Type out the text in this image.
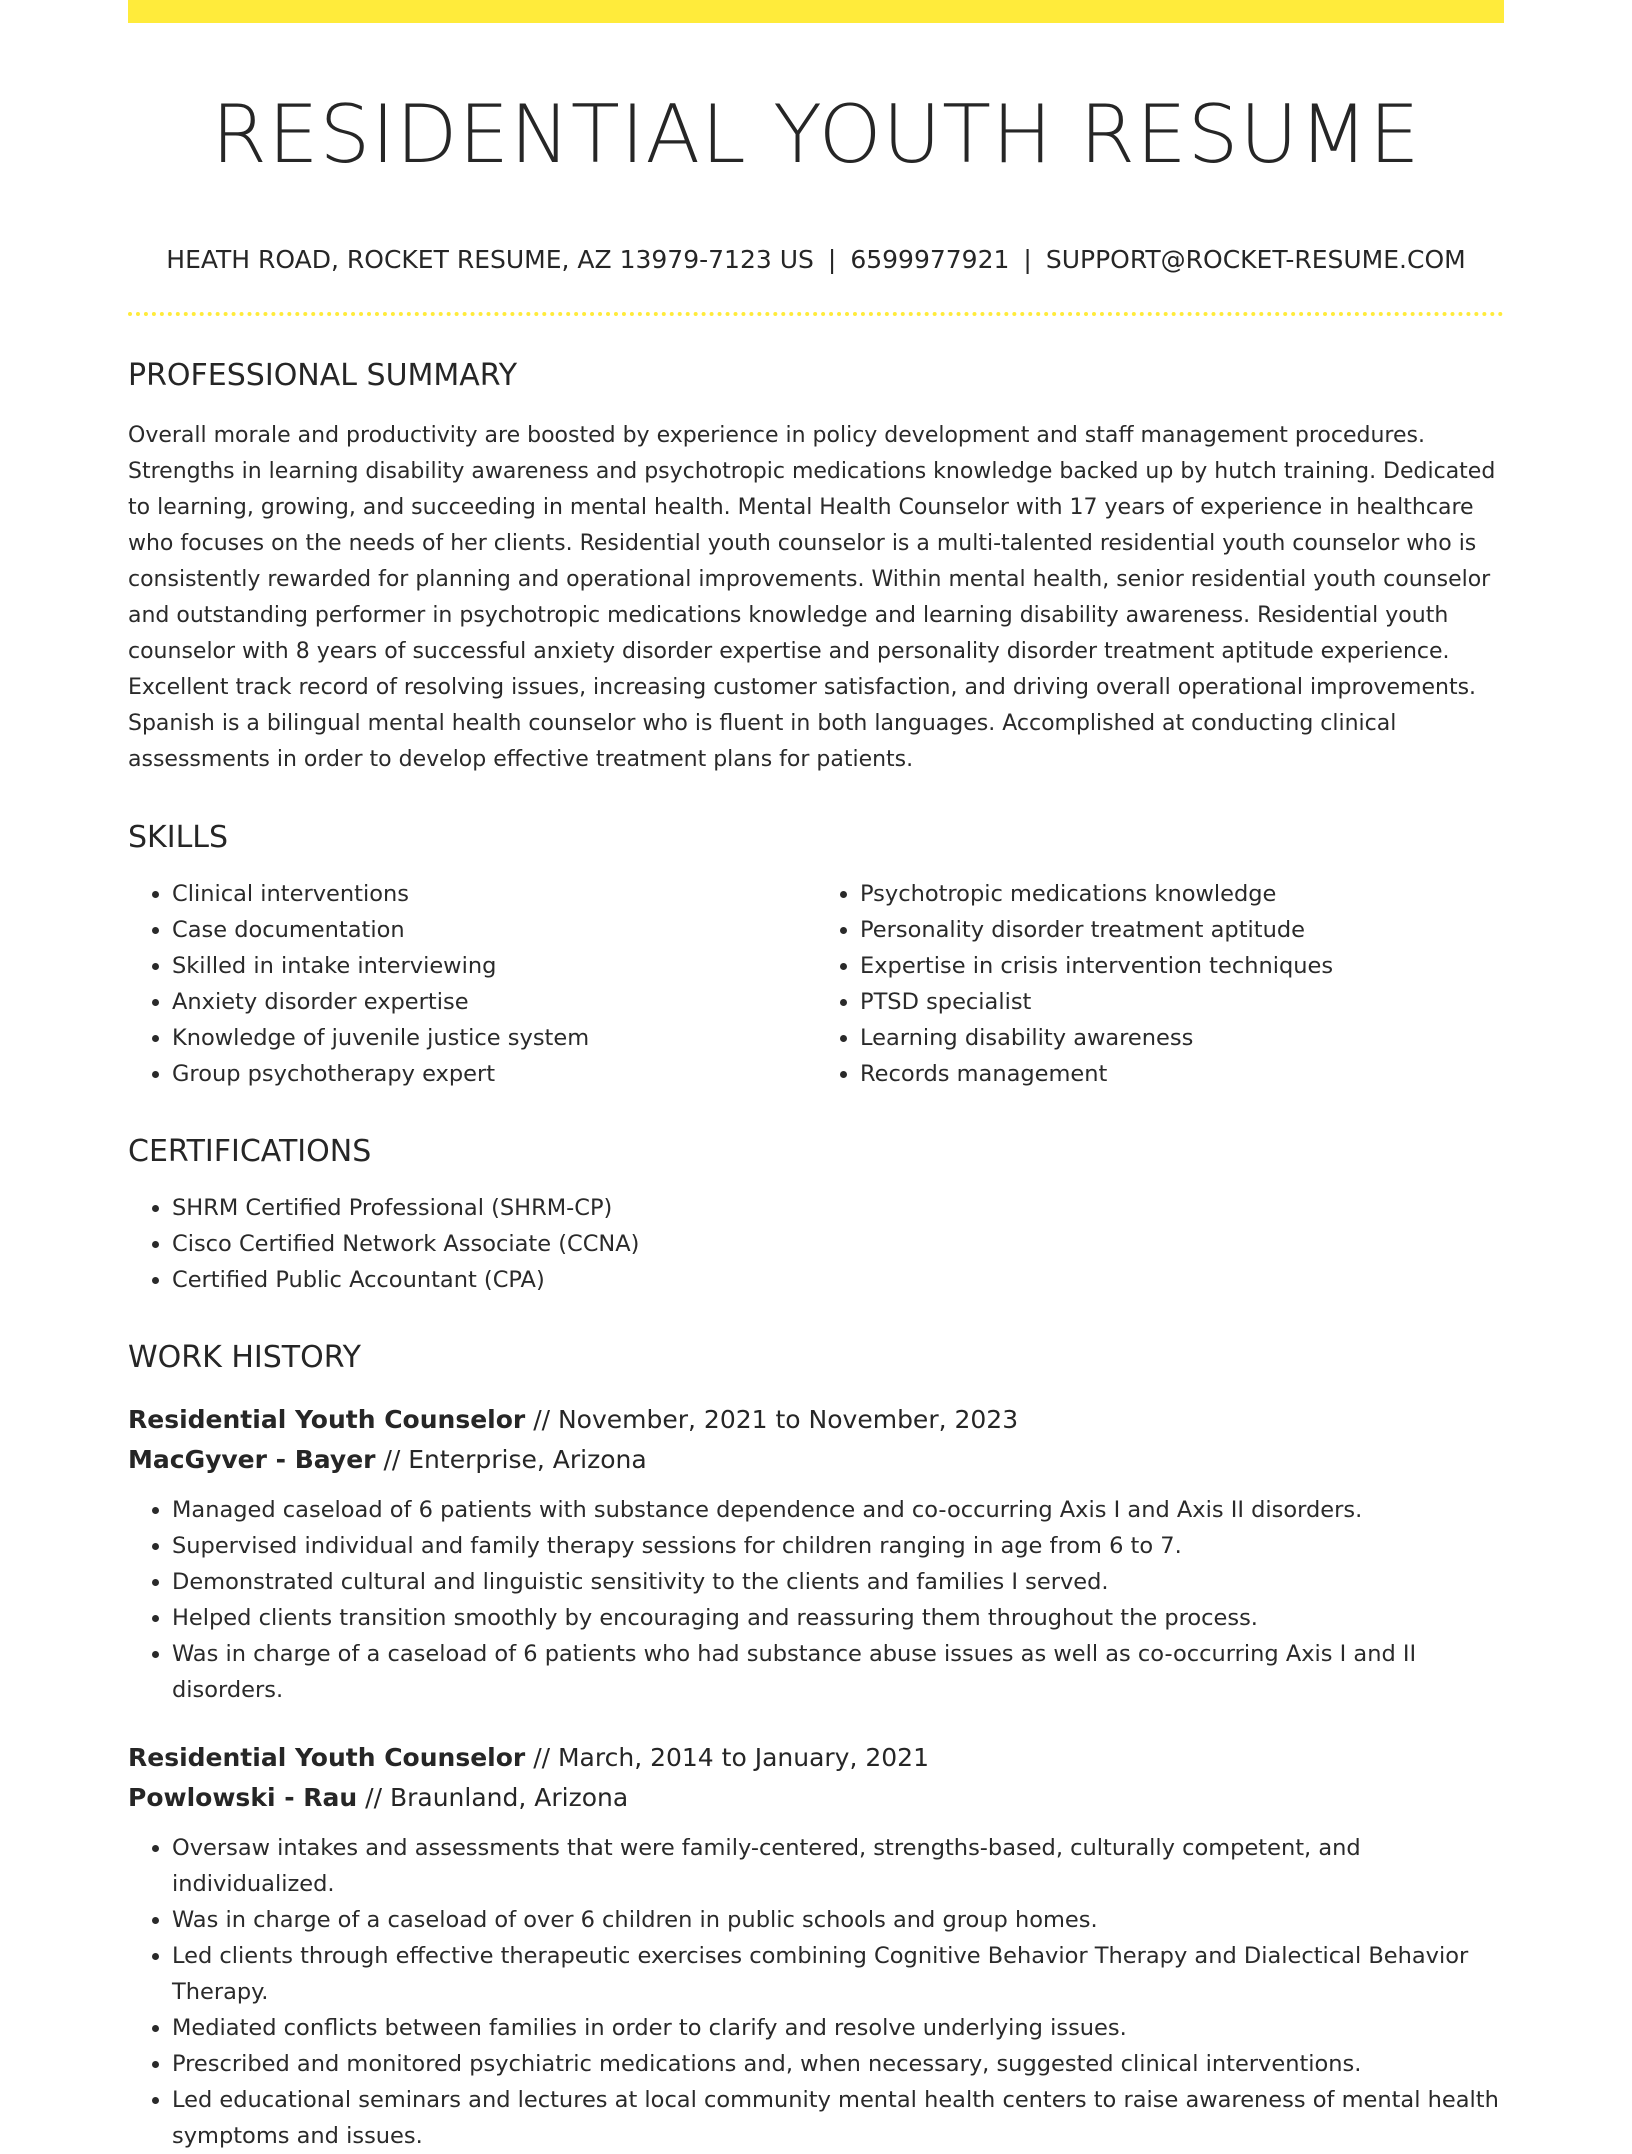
RESIDENTIAL YOUTH RESUME
HEATH ROAD, ROCKET RESUME, AZ 13979-7123 US | 6599977921 | SUPPORT@ROCKET-RESUME.COM
PROFESSIONAL SUMMARY
Overall morale and productivity are boosted by experience in policy development and staff management procedures. Strengths in learning disability awareness and psychotropic medications knowledge backed up by hutch training. Dedicated to learning, growing, and succeeding in mental health. Mental Health Counselor with 17 years of experience in healthcare who focuses on the needs of her clients. Residential youth counselor is a multi-talented residential youth counselor who is consistently rewarded for planning and operational improvements. Within mental health, senior residential youth counselor and outstanding performer in psychotropic medications knowledge and learning disability awareness. Residential youth counselor with 8 years of successful anxiety disorder expertise and personality disorder treatment aptitude experience. Excellent track record of resolving issues, increasing customer satisfaction, and driving overall operational improvements. Spanish is a bilingual mental health counselor who is fluent in both languages. Accomplished at conducting clinical assessments in order to develop effective treatment plans for patients.
SKILLS
• Clinical interventions
• Case documentation
• Skilled in intake interviewing
• Anxiety disorder expertise
• Knowledge of juvenile justice system
• Group psychotherapy expert
• Psychotropic medications knowledge
• Personality disorder treatment aptitude
• Expertise in crisis intervention techniques
• PTSD specialist
• Learning disability awareness
• Records management
CERTIFICATIONS
• SHRM Certified Professional (SHRM-CP)
• Cisco Certified Network Associate (CCNA)
• Certified Public Accountant (CPA)
WORK HISTORY
Residential Youth Counselor // November, 2021 to November, 2023
MacGyver - Bayer // Enterprise, Arizona
• Managed caseload of 6 patients with substance dependence and co-occurring Axis I and Axis II disorders.
• Supervised individual and family therapy sessions for children ranging in age from 6 to 7.
• Demonstrated cultural and linguistic sensitivity to the clients and families I served.
• Helped clients transition smoothly by encouraging and reassuring them throughout the process.
• Was in charge of a caseload of 6 patients who had substance abuse issues as well as co-occurring Axis I and II disorders.
Residential Youth Counselor // March, 2014 to January, 2021
Powlowski - Rau // Braunland, Arizona
• Oversaw intakes and assessments that were family-centered, strengths-based, culturally competent, and individualized.
• Was in charge of a caseload of over 6 children in public schools and group homes.
• Led clients through effective therapeutic exercises combining Cognitive Behavior Therapy and Dialectical Behavior Therapy.
• Mediated conflicts between families in order to clarify and resolve underlying issues.
• Prescribed and monitored psychiatric medications and, when necessary, suggested clinical interventions.
• Led educational seminars and lectures at local community mental health centers to raise awareness of mental health symptoms and issues.
